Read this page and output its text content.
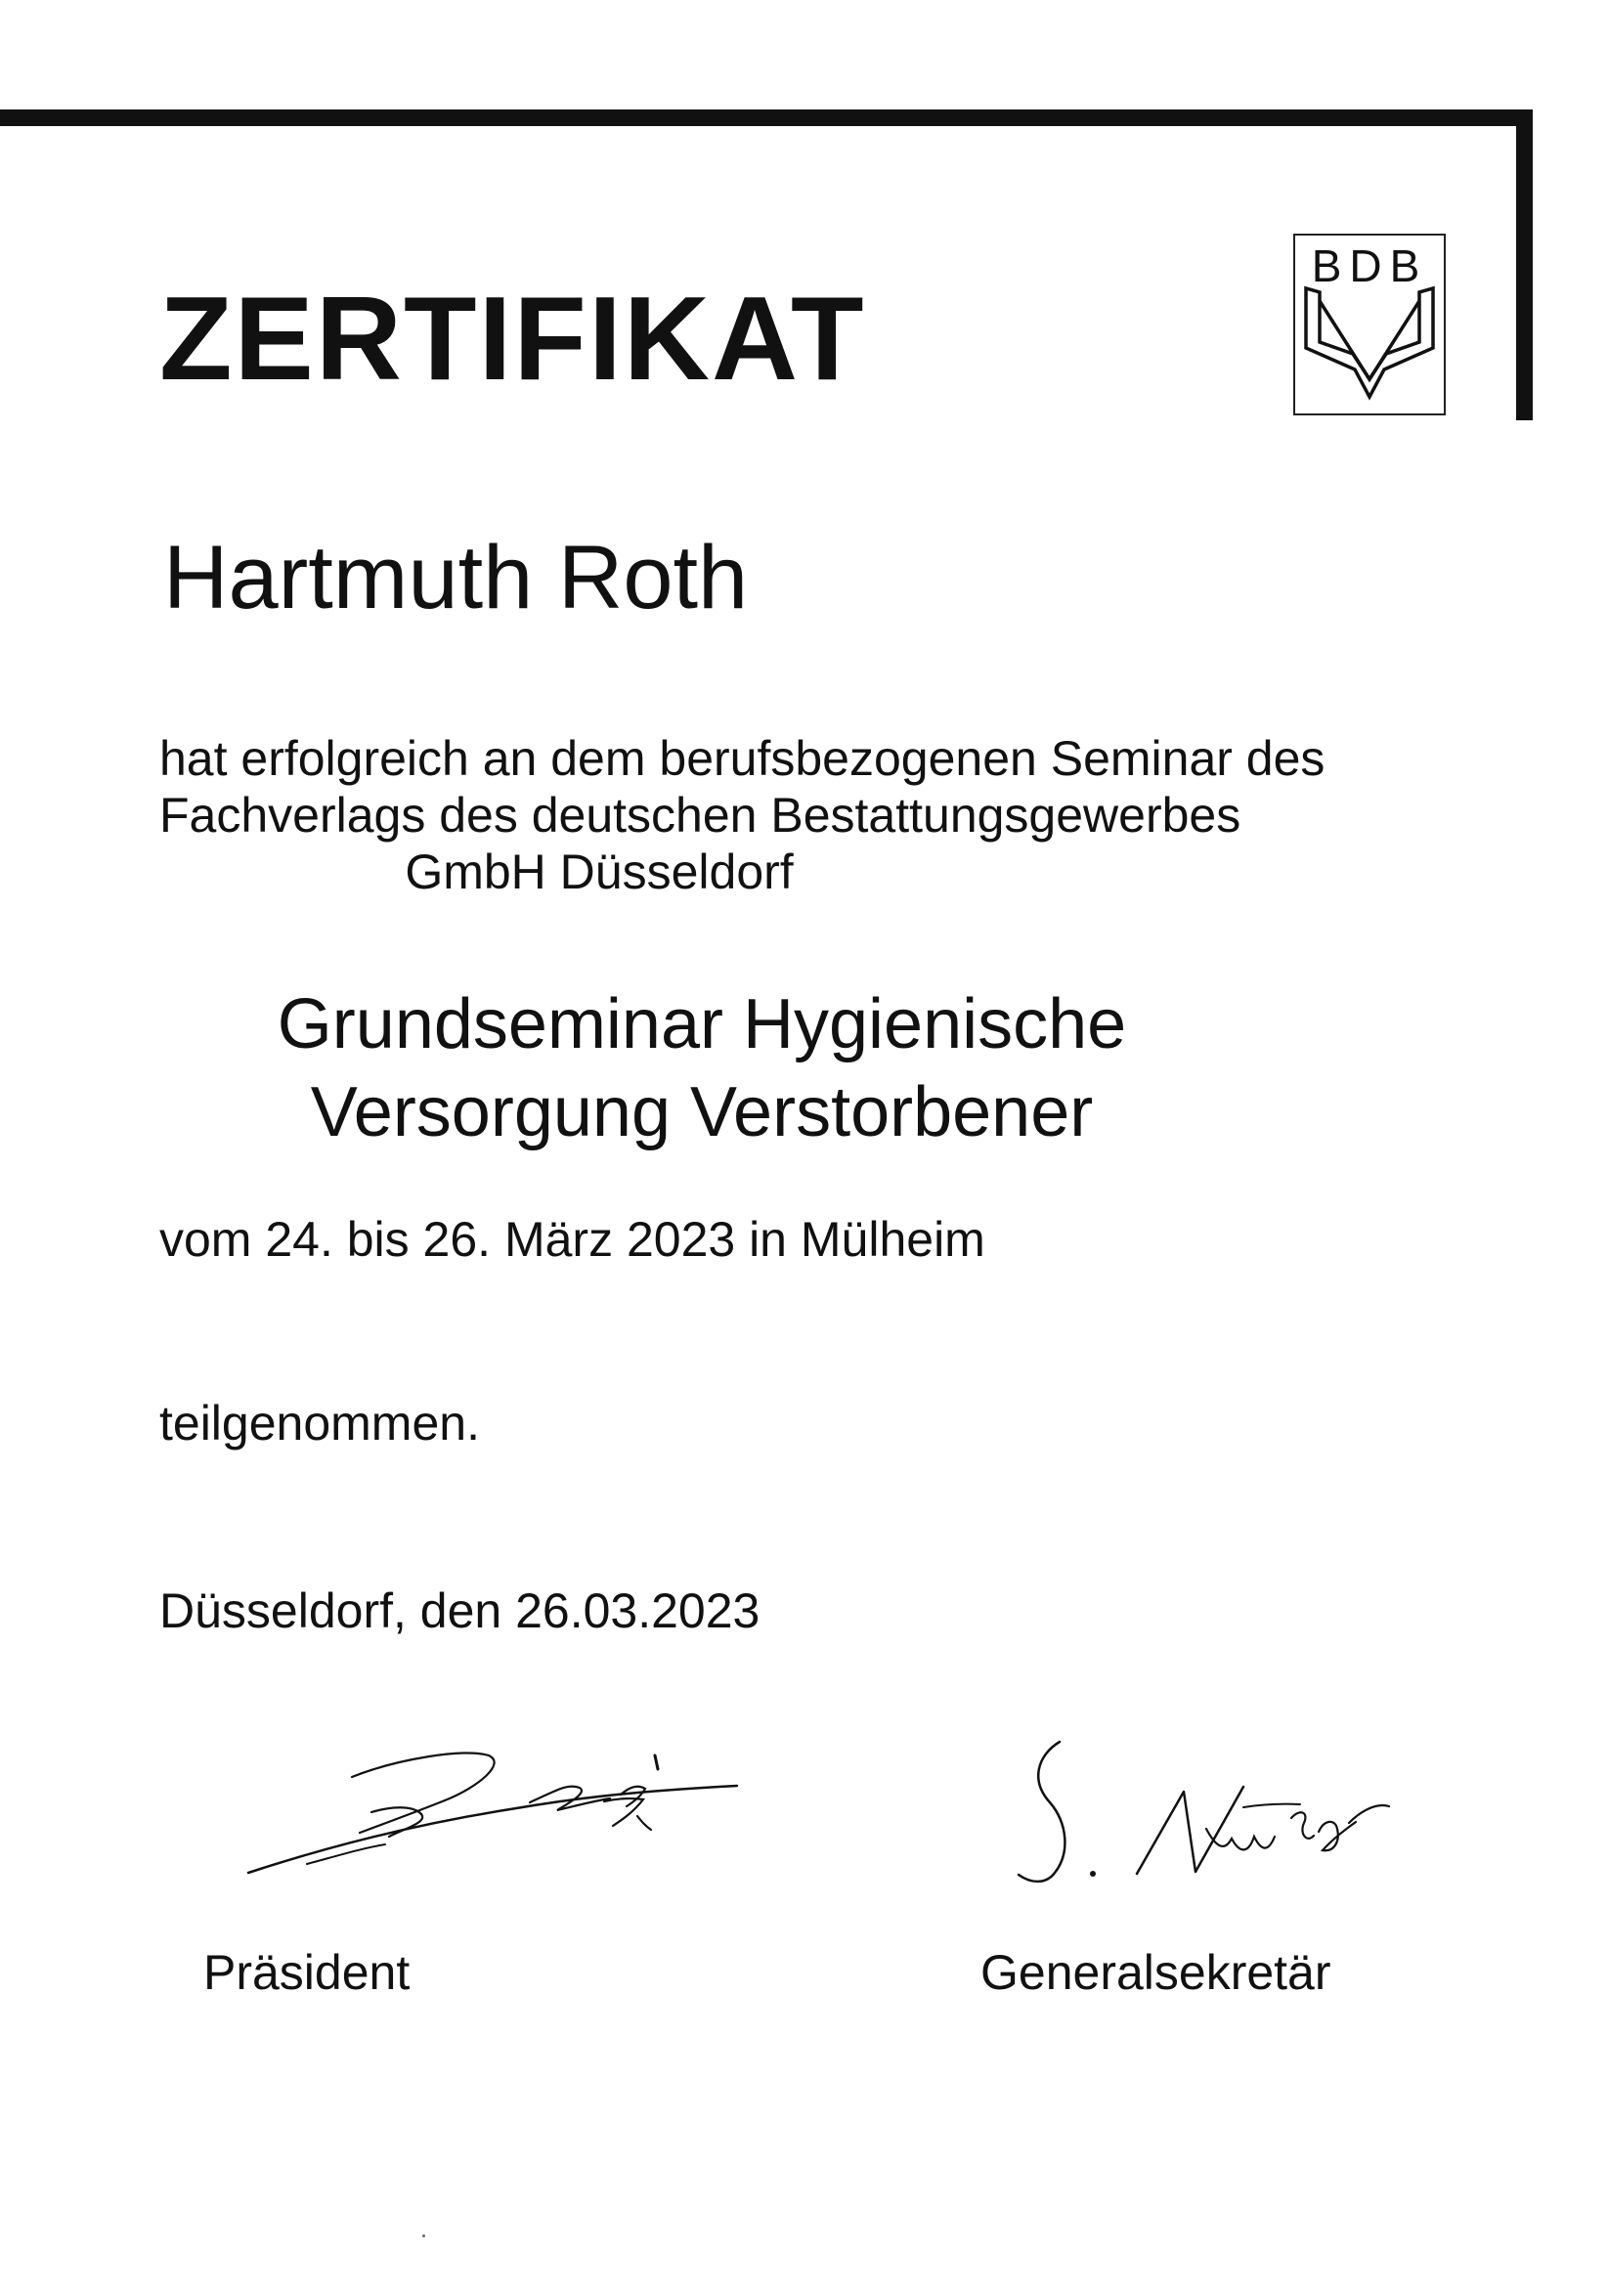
BDB
ZERTIFIKAT
Hartmuth Roth
hat erfolgreich an dem berufsbezogenen Seminar des
Fachverlags des deutschen Bestattungsgewerbes
GmbH Düsseldorf
Grundseminar Hygienische
Versorgung Verstorbener
vom 24. bis 26. März 2023 in Mülheim
teilgenommen.
Düsseldorf, den 26.03.2023
Präsident	Generalsekretär
